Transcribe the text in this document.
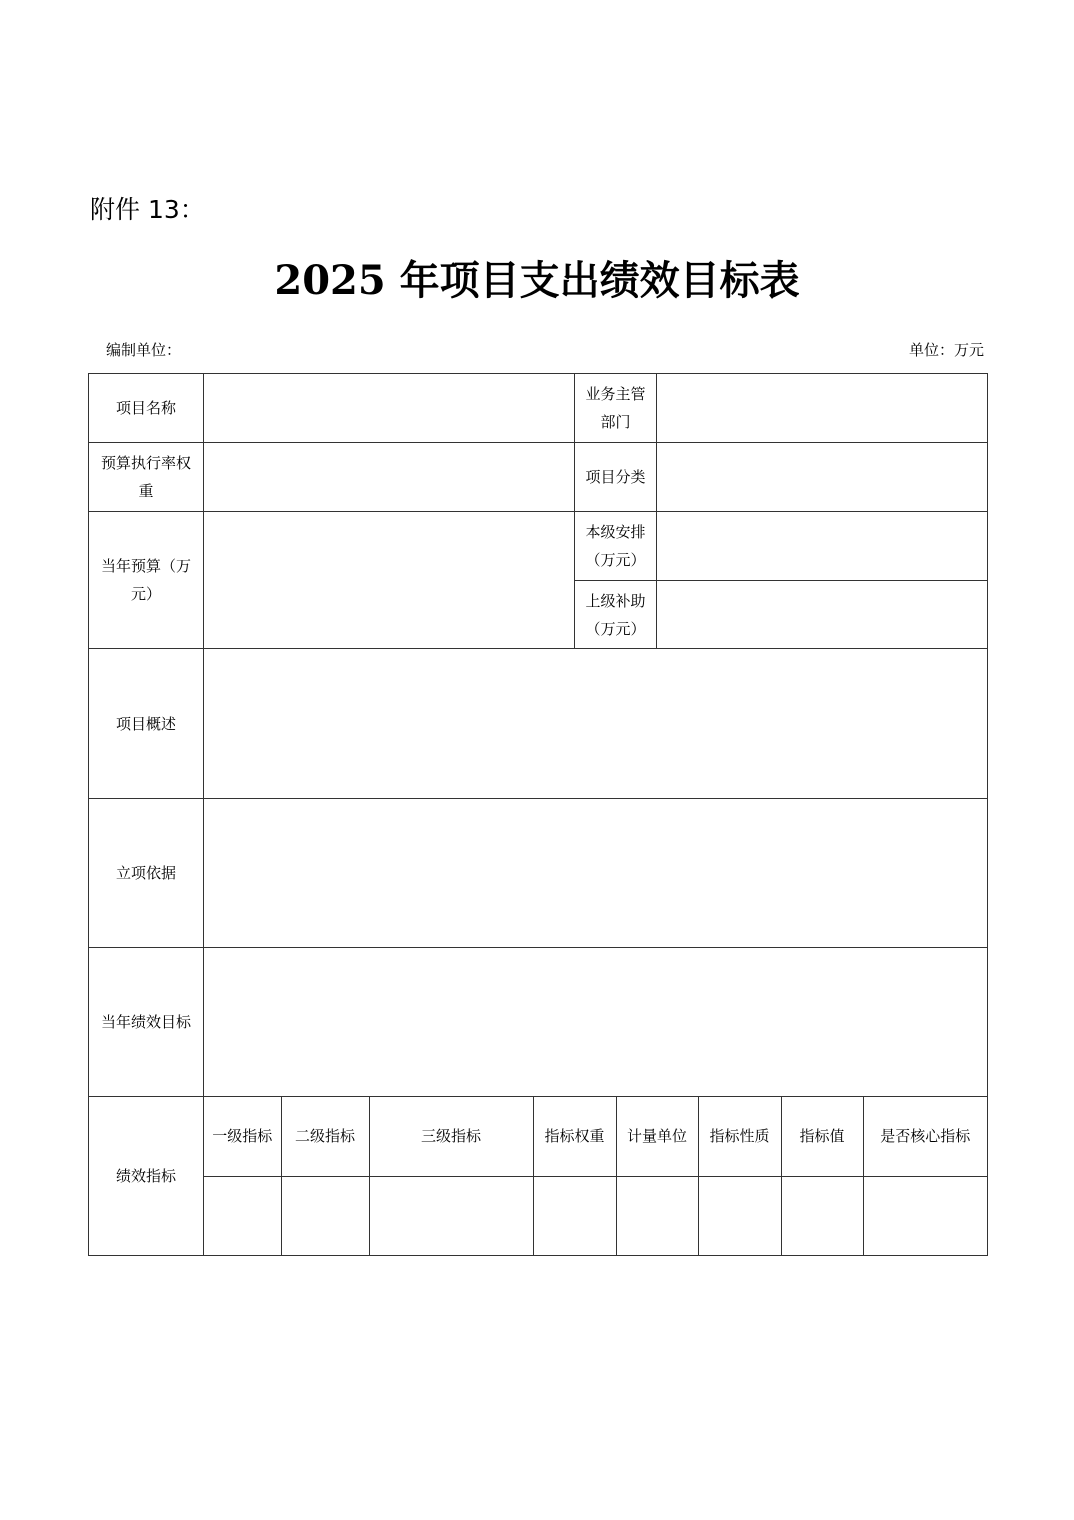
附件 13：
2025 年项目支出绩效目标表
编制单位：	单位：万元
项目名称		业务主管部门	
预算执行率权重		项目分类	
当年预算（万元）		本级安排（万元）	
上级补助（万元）	
项目概述	
立项依据	
当年绩效目标	
绩效指标	
一级指标	二级指标	三级指标	指标权重	计量单位	指标性质	指标值	是否核心指标
